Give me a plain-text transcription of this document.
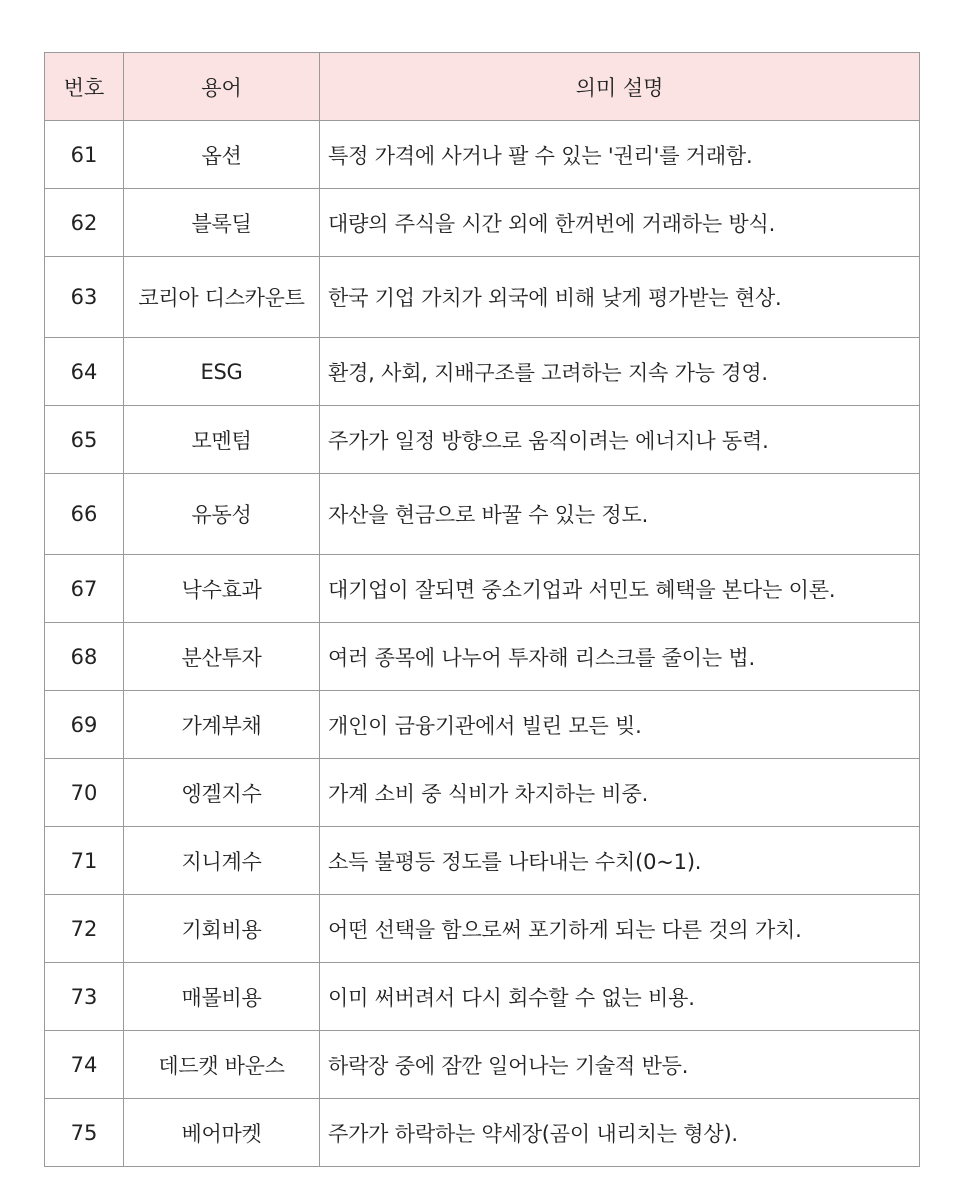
번호	용어	의미 설명
61	옵션	특정 가격에 사거나 팔 수 있는 '권리'를 거래함.
62	블록딜	대량의 주식을 시간 외에 한꺼번에 거래하는 방식.
63	코리아 디스카운트	한국 기업 가치가 외국에 비해 낮게 평가받는 현상.
64	ESG	환경, 사회, 지배구조를 고려하는 지속 가능 경영.
65	모멘텀	주가가 일정 방향으로 움직이려는 에너지나 동력.
66	유동성	자산을 현금으로 바꿀 수 있는 정도.
67	낙수효과	대기업이 잘되면 중소기업과 서민도 혜택을 본다는 이론.
68	분산투자	여러 종목에 나누어 투자해 리스크를 줄이는 법.
69	가계부채	개인이 금융기관에서 빌린 모든 빚.
70	엥겔지수	가계 소비 중 식비가 차지하는 비중.
71	지니계수	소득 불평등 정도를 나타내는 수치(0~1).
72	기회비용	어떤 선택을 함으로써 포기하게 되는 다른 것의 가치.
73	매몰비용	이미 써버려서 다시 회수할 수 없는 비용.
74	데드캣 바운스	하락장 중에 잠깐 일어나는 기술적 반등.
75	베어마켓	주가가 하락하는 약세장(곰이 내리치는 형상).
